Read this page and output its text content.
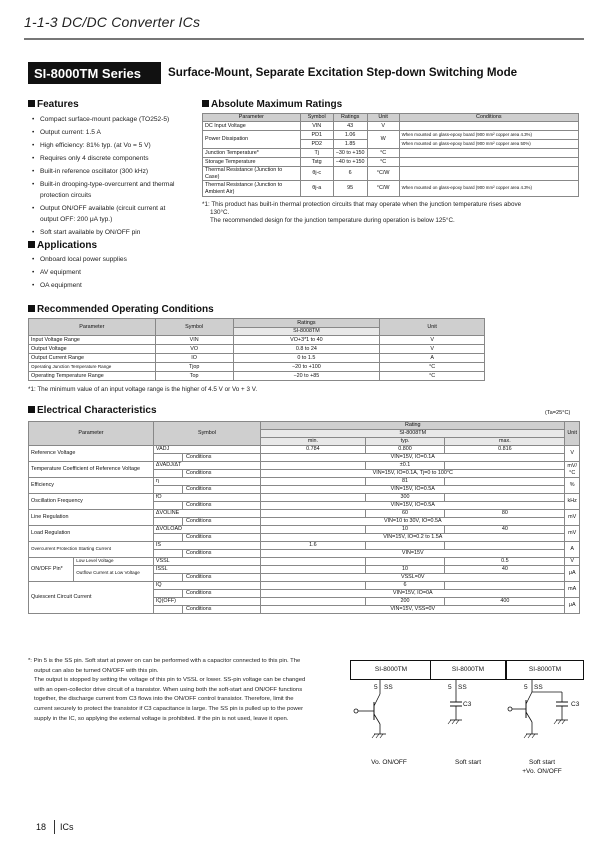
1-1-3 DC/DC Converter ICs
SI-8000TM Series	Surface-Mount, Separate Excitation Step-down Switching Mode
Features
• Compact surface-mount package (TO252-5)
• Output current: 1.5 A
• High efficiency: 81% typ. (at Vo = 5 V)
• Requires only 4 discrete components
• Built-in reference oscillator (300 kHz)
• Built-in drooping-type-overcurrent and thermal
protection circuits
• Output ON/OFF available (circuit current at
output OFF: 200 μA typ.)
• Soft start available by ON/OFF pin
Applications
• Onboard local power supplies
• AV equipment
• OA equipment
Absolute Maximum Ratings
Parameter	Symbol	Ratings	Unit	Conditions
DC Input Voltage	VIN	43	V	
Power Dissipation	PD1	1.06	W	When mounted on glass-epoxy board (900 mm² copper area 4.3%)
	PD2	1.85		When mounted on glass-epoxy board (900 mm² copper area 50%)
Junction Temperature*	Tj	−30 to +150	°C	
Storage Temperature	Tstg	−40 to +150	°C	
Thermal Resistance (Junction to Case)	θj-c	6	°C/W	
Thermal Resistance (Junction to Ambient Air)	θj-a	95	°C/W	When mounted on glass-epoxy board (900 mm² copper area 4.3%)
*1: This product has built-in thermal protection circuits that may operate when the junction temperature rises above
130°C.
The recommended design for the junction temperature during operation is below 125°C.
Recommended Operating Conditions
Parameter	Symbol	Ratings	Unit
		SI-8008TM	
Input Voltage Range	VIN	VO+3*1 to 40	V
Output Voltage	VO	0.8 to 24	V
Output Current Range	IO	0 to 1.5	A
Operating Junction Temperature Range	Tjop	−20 to +100	°C
Operating Temperature Range	Top	−20 to +85	°C
*1: The minimum value of an input voltage range is the higher of 4.5 V or Vo + 3 V.
Electrical Characteristics	(Ta=25°C)
Parameter		Symbol		Rating			Unit
				SI-8008TM			
				min.	typ.	max.	
Reference Voltage		VADJ		0.784	0.800	0.816	V
			Conditions	VIN=15V, IO=0.1A			
Temperature Coefficient of Reference Voltage		ΔVADJ/ΔT			±0.1		mV/°C
			Conditions	VIN=15V, IO=0.1A, Tj=0 to 100°C			
Efficiency		η			81		%
			Conditions	VIN=15V, IO=0.5A			
Oscillation Frequency		fO			300		kHz
			Conditions	VIN=15V, IO=0.5A			
Line Regulation		ΔVOLINE			60	80	mV
			Conditions	VIN=10 to 30V, IO=0.5A			
Load Regulation		ΔVOLOAD			10	40	mV
			Conditions	VIN=15V, IO=0.2 to 1.5A			
Overcurrent Protection Starting Current		IS		1.6			A
			Conditions	VIN=15V			
ON/OFF Pin*	Low Level Voltage	VSSL				0.5	V
	Outflow Current at Low Voltage	ISSL			10	40	μA
			Conditions	VSSL=0V			
Quiescent Circuit Current		IQ			6		mA
			Conditions	VIN=15V, IO=0A			
		IQ(OFF)			200	400	μA
			Conditions	VIN=15V, VSS=0V			
*: Pin 5 is the SS pin. Soft start at power on can be performed with a capacitor connected to this pin. The
output can also be turned ON/OFF with this pin.
The output is stopped by setting the voltage of this pin to VSSL or lower. SS-pin voltage can be changed
with an open-collector drive circuit of a transistor. When using both the soft-start and ON/OFF functions
together, the discharge current from C3 flows into the ON/OFF control transistor. Therefore, limit the
current securely to protect the transistor if C3 capacitance is large. The SS pin is pulled up to the power
supply in the IC, so applying the external voltage is prohibited. If the pin is not used, leave it open.
SI-8000TM
5 SS
Vo. ON/OFF
SI-8000TM
5 SS
C3
Soft start
SI-8000TM
5 SS
C3
Soft start
+Vo. ON/OFF
18 ICs
